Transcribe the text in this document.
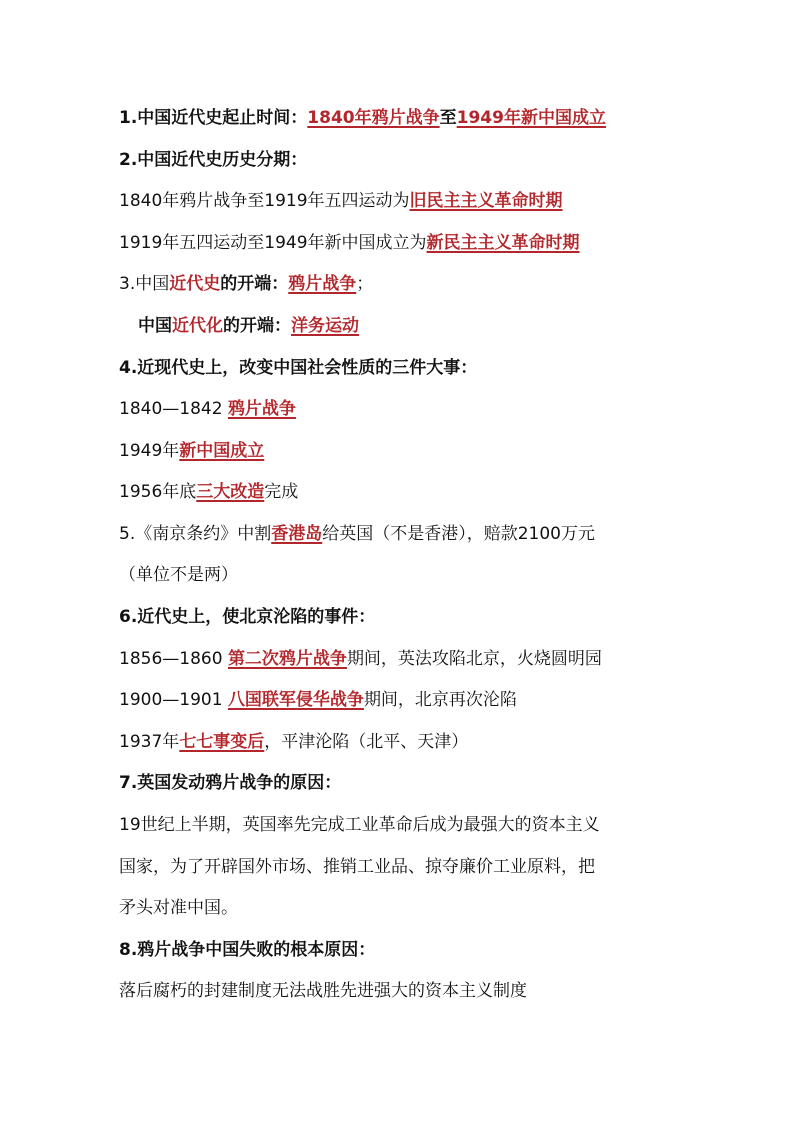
1.中国近代史起止时间：1840年鸦片战争至1949年新中国成立
2.中国近代史历史分期：
1840年鸦片战争至1919年五四运动为旧民主主义革命时期
1919年五四运动至1949年新中国成立为新民主主义革命时期
3.中国近代史的开端：鸦片战争；
中国近代化的开端：洋务运动
4.近现代史上，改变中国社会性质的三件大事：
1840—1842 鸦片战争
1949年新中国成立
1956年底三大改造完成
5.《南京条约》中割香港岛给英国（不是香港），赔款2100万元
（单位不是两）
6.近代史上，使北京沦陷的事件：
1856—1860 第二次鸦片战争期间，英法攻陷北京，火烧圆明园
1900—1901 八国联军侵华战争期间，北京再次沦陷
1937年七七事变后，平津沦陷（北平、天津）
7.英国发动鸦片战争的原因：
19世纪上半期，英国率先完成工业革命后成为最强大的资本主义
国家，为了开辟国外市场、推销工业品、掠夺廉价工业原料，把
矛头对准中国。
8.鸦片战争中国失败的根本原因：
落后腐朽的封建制度无法战胜先进强大的资本主义制度
